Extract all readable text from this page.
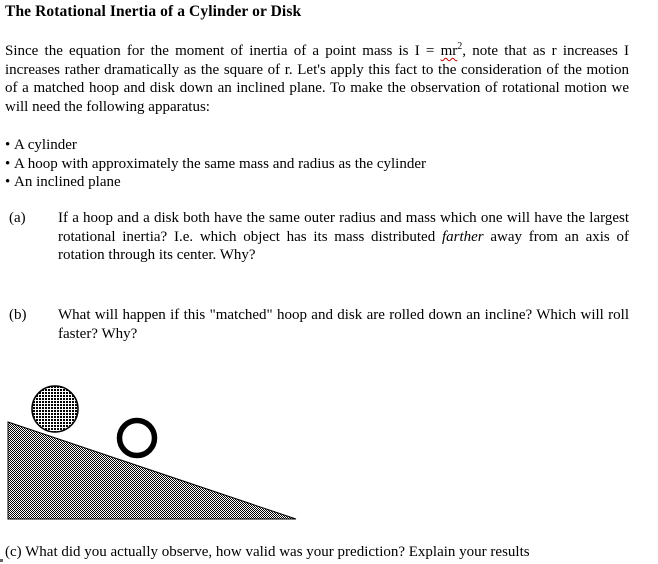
The Rotational Inertia of a Cylinder or Disk
Since the equation for the moment of inertia of a point mass is $I = mr^2$, note that as r increases I increases rather dramatically as the square of r. Let's apply this fact to the consideration of the motion of a matched hoop and disk down an inclined plane. To make the observation of rotational motion we will need the following apparatus:
• A cylinder
• A hoop with approximately the same mass and radius as the cylinder
• An inclined plane
(a) If a hoop and a disk both have the same outer radius and mass which one will have the largest rotational inertia? I.e. which object has its mass distributed farther away from an axis of rotation through its center. Why?
(b) What will happen if this "matched" hoop and disk are rolled down an incline? Which will roll faster? Why?
(c) What did you actually observe, how valid was your prediction? Explain your results
